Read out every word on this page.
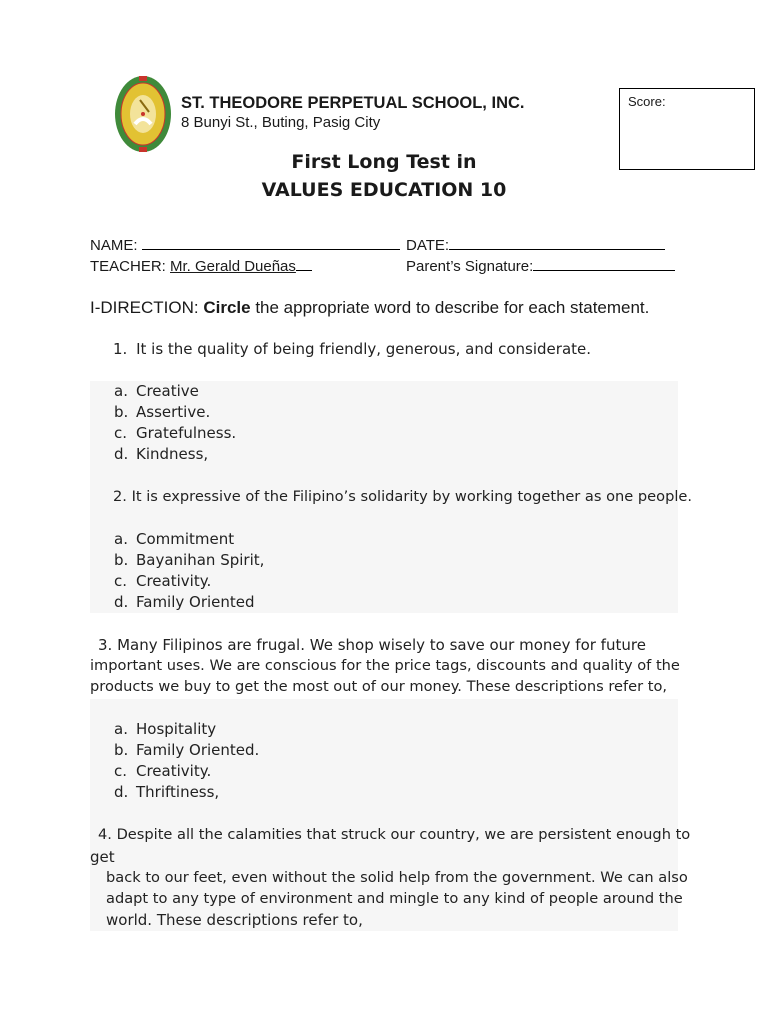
ST. THEODORE PERPETUAL SCHOOL, INC.
8 Bunyi St., Buting, Pasig City
First Long Test in
VALUES EDUCATION 10
Score:
NAME:	DATE:
TEACHER: Mr. Gerald Dueñas	Parent’s Signature:
I-DIRECTION: Circle the appropriate word to describe for each statement.
1. It is the quality of being friendly, generous, and considerate.
a. Creative
b. Assertive.
c. Gratefulness.
d. Kindness,
2. It is expressive of the Filipino’s solidarity by working together as one people.
a. Commitment
b. Bayanihan Spirit,
c. Creativity.
d. Family Oriented
3. Many Filipinos are frugal. We shop wisely to save our money for future
important uses. We are conscious for the price tags, discounts and quality of the
products we buy to get the most out of our money. These descriptions refer to,
a. Hospitality
b. Family Oriented.
c. Creativity.
d. Thriftiness,
4. Despite all the calamities that struck our country, we are persistent enough to
get
back to our feet, even without the solid help from the government. We can also
adapt to any type of environment and mingle to any kind of people around the
world. These descriptions refer to,
